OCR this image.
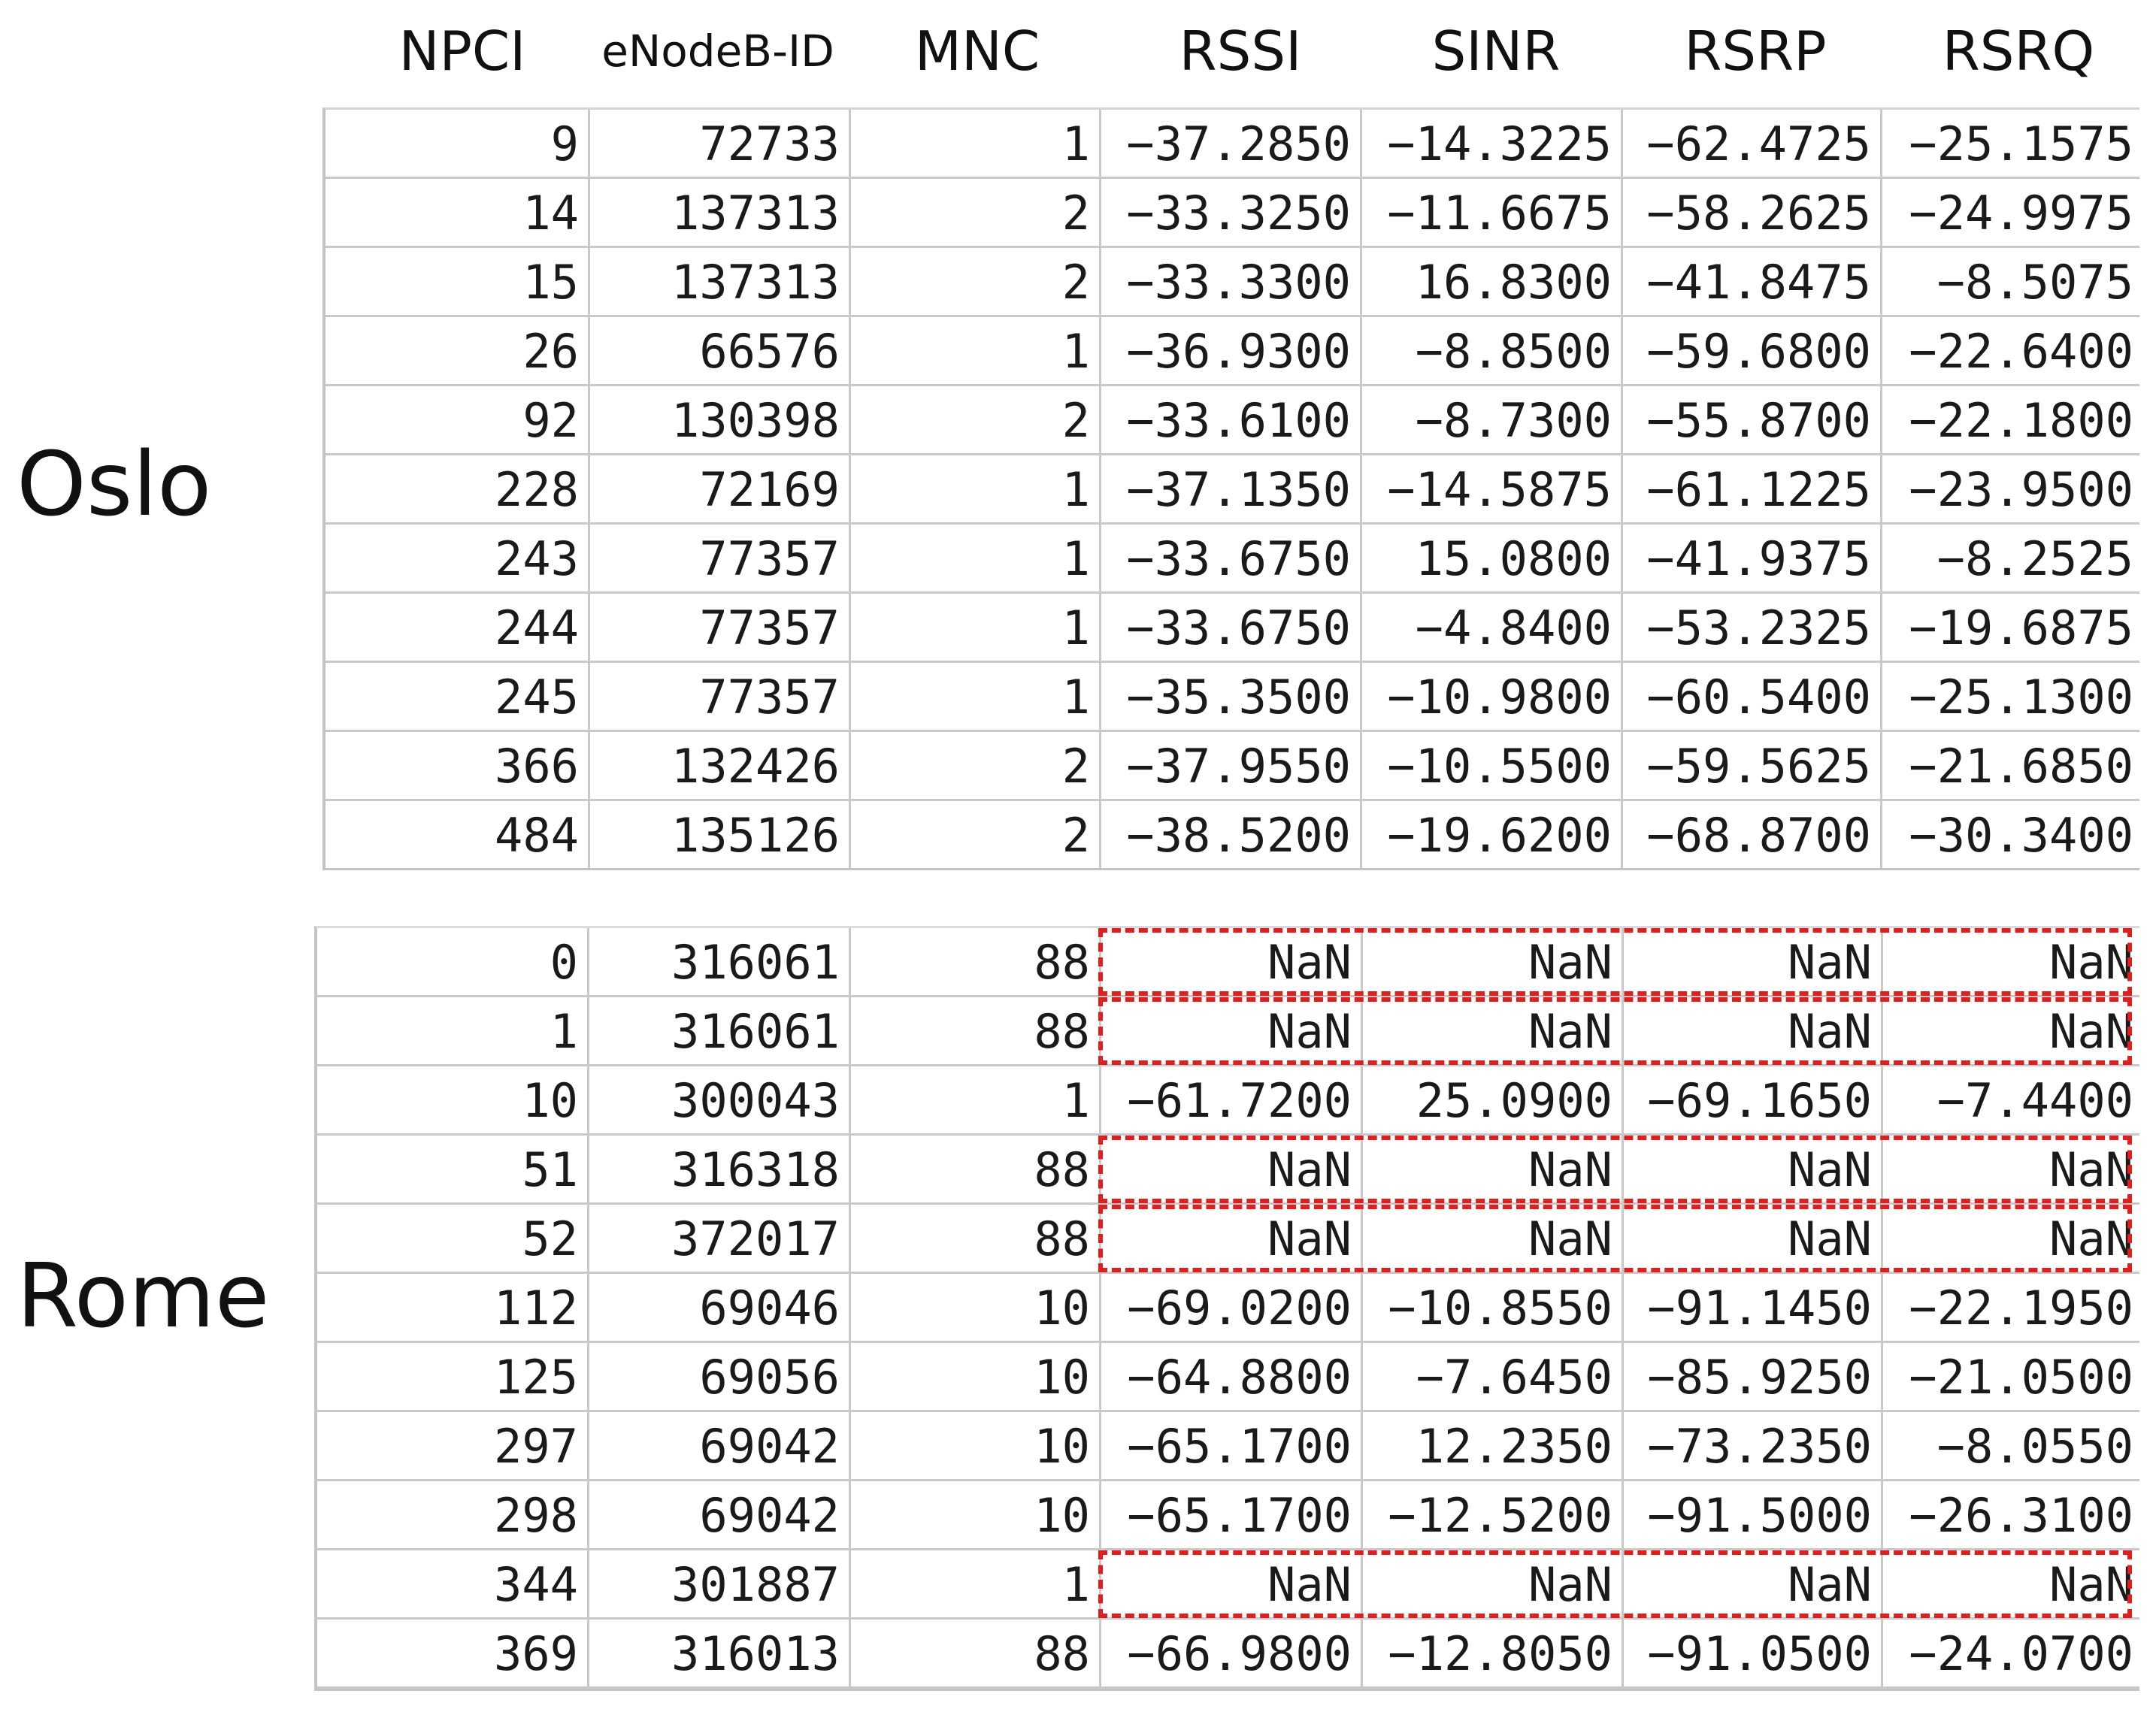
NPCI	eNodeB-ID	MNC	RSSI	SINR	RSRP	RSRQ
Oslo
Rome
9	72733	1 −37.2850 −14.3225 −62.4725 −25.1575
14	137313	2 −33.3250 −11.6675 −58.2625 −24.9975
15	137313	2 −33.3300	16.8300 −41.8475	−8.5075
26	66576	1 −36.9300	−8.8500 −59.6800 −22.6400
92	130398	2 −33.6100	−8.7300 −55.8700 −22.1800
228	72169	1 −37.1350 −14.5875 −61.1225 −23.9500
243	77357	1 −33.6750	15.0800 −41.9375	−8.2525
244	77357	1 −33.6750	−4.8400 −53.2325 −19.6875
245	77357	1 −35.3500 −10.9800 −60.5400 −25.1300
366	132426	2 −37.9550 −10.5500 −59.5625 −21.6850
484	135126	2 −38.5200 −19.6200 −68.8700 −30.3400
0	316061	88	NaN	NaN	NaN	NaN
1	316061	88	NaN	NaN	NaN	NaN
10	300043	1 −61.7200	25.0900 −69.1650	−7.4400
51	316318	88	NaN	NaN	NaN	NaN
52	372017	88	NaN	NaN	NaN	NaN
112	69046	10 −69.0200 −10.8550 −91.1450 −22.1950
125	69056	10 −64.8800	−7.6450 −85.9250 −21.0500
297	69042	10 −65.1700	12.2350 −73.2350	−8.0550
298	69042	10 −65.1700 −12.5200 −91.5000 −26.3100
344	301887	1	NaN	NaN	NaN	NaN
369	316013	88 −66.9800 −12.8050 −91.0500 −24.0700
